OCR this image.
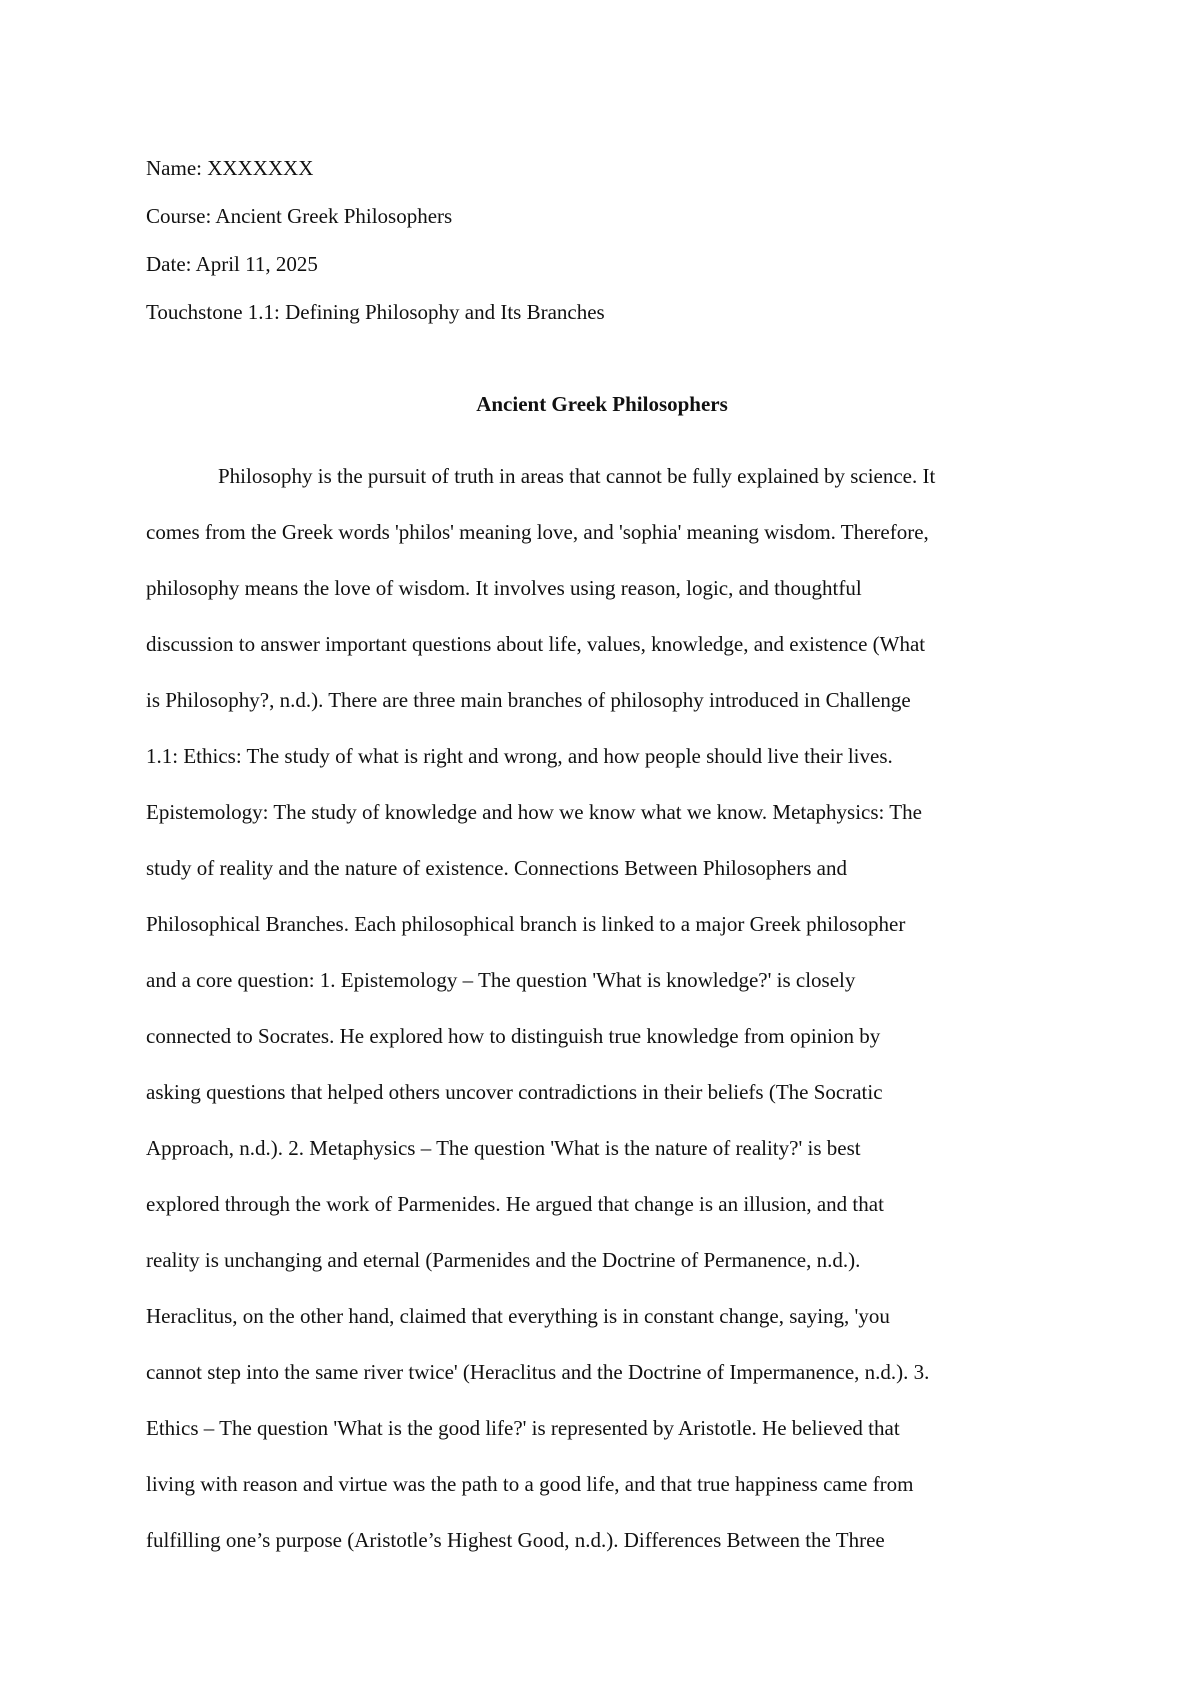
Name: XXXXXXX
Course: Ancient Greek Philosophers
Date: April 11, 2025
Touchstone 1.1: Defining Philosophy and Its Branches
Ancient Greek Philosophers
Philosophy is the pursuit of truth in areas that cannot be fully explained by science. It
comes from the Greek words 'philos' meaning love, and 'sophia' meaning wisdom. Therefore,
philosophy means the love of wisdom. It involves using reason, logic, and thoughtful
discussion to answer important questions about life, values, knowledge, and existence (What
is Philosophy?, n.d.). There are three main branches of philosophy introduced in Challenge
1.1: Ethics: The study of what is right and wrong, and how people should live their lives.
Epistemology: The study of knowledge and how we know what we know. Metaphysics: The
study of reality and the nature of existence. Connections Between Philosophers and
Philosophical Branches. Each philosophical branch is linked to a major Greek philosopher
and a core question: 1. Epistemology – The question 'What is knowledge?' is closely
connected to Socrates. He explored how to distinguish true knowledge from opinion by
asking questions that helped others uncover contradictions in their beliefs (The Socratic
Approach, n.d.). 2. Metaphysics – The question 'What is the nature of reality?' is best
explored through the work of Parmenides. He argued that change is an illusion, and that
reality is unchanging and eternal (Parmenides and the Doctrine of Permanence, n.d.).
Heraclitus, on the other hand, claimed that everything is in constant change, saying, 'you
cannot step into the same river twice' (Heraclitus and the Doctrine of Impermanence, n.d.). 3.
Ethics – The question 'What is the good life?' is represented by Aristotle. He believed that
living with reason and virtue was the path to a good life, and that true happiness came from
fulfilling one’s purpose (Aristotle’s Highest Good, n.d.). Differences Between the Three
